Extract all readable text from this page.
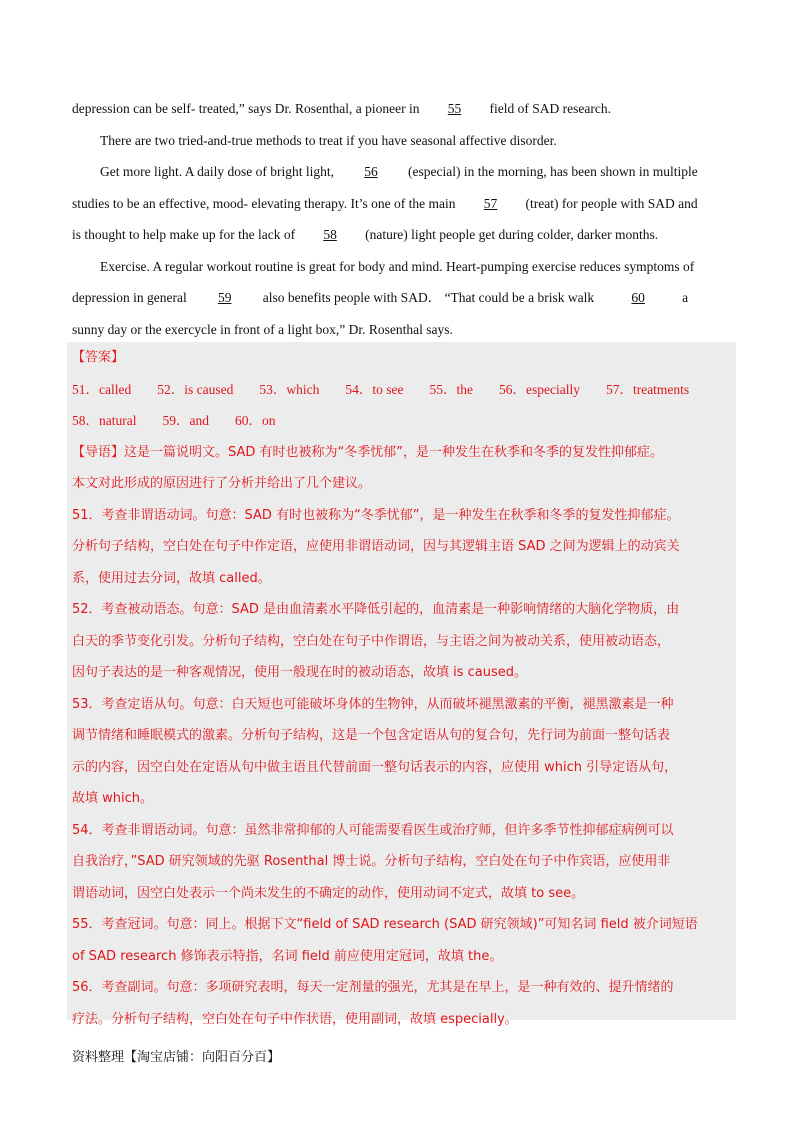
depression can be self- treated,” says Dr. Rosenthal, a pioneer in 55 field of SAD research.
There are two tried-and-true methods to treat if you have seasonal affective disorder.
Get more light. A daily dose of bright light, 56 (especial) in the morning, has been shown in multiple
studies to be an effective, mood- elevating therapy. It’s one of the main 57 (treat) for people with SAD and
is thought to help make up for the lack of 58 (nature) light people get during colder, darker months.
Exercise. A regular workout routine is great for body and mind. Heart-pumping exercise reduces symptoms of
depression in general 59 also benefits people with SAD． “That could be a brisk walk	60	a
sunny day or the exercycle in front of a light box,” Dr. Rosenthal says.
【答案】
51．called 52．is caused 53．which 54．to see 55．the 56．especially 57．treatments
58．natural 59．and 60．on
【导语】这是一篇说明文。SAD 有时也被称为“冬季忧郁”，是一种发生在秋季和冬季的复发性抑郁症。
本文对此形成的原因进行了分析并给出了几个建议。
51．考查非谓语动词。句意：SAD 有时也被称为“冬季忧郁”，是一种发生在秋季和冬季的复发性抑郁症。
分析句子结构，空白处在句子中作定语，应使用非谓语动词，因与其逻辑主语 SAD 之间为逻辑上的动宾关
系，使用过去分词，故填 called。
52．考查被动语态。句意：SAD 是由血清素水平降低引起的，血清素是一种影响情绪的大脑化学物质，由
白天的季节变化引发。分析句子结构，空白处在句子中作谓语，与主语之间为被动关系，使用被动语态，
因句子表达的是一种客观情况，使用一般现在时的被动语态，故填 is caused。
53．考查定语从句。句意：白天短也可能破坏身体的生物钟，从而破坏褪黑激素的平衡，褪黑激素是一种
调节情绪和睡眠模式的激素。分析句子结构，这是一个包含定语从句的复合句，先行词为前面一整句话表
示的内容，因空白处在定语从句中做主语且代替前面一整句话表示的内容，应使用 which 引导定语从句，
故填 which。
54．考查非谓语动词。句意：虽然非常抑郁的人可能需要看医生或治疗师，但许多季节性抑郁症病例可以
自我治疗，”SAD 研究领域的先驱 Rosenthal 博士说。分析句子结构，空白处在句子中作宾语，应使用非
谓语动词，因空白处表示一个尚未发生的不确定的动作，使用动词不定式，故填 to see。
55．考查冠词。句意：同上。根据下文“field of SAD research (SAD 研究领域)”可知名词 field 被介词短语
of SAD research 修饰表示特指，名词 field 前应使用定冠词，故填 the。
56．考查副词。句意：多项研究表明，每天一定剂量的强光，尤其是在早上，是一种有效的、提升情绪的
疗法。分析句子结构，空白处在句子中作状语，使用副词，故填 especially。
资料整理【淘宝店铺：向阳百分百】
